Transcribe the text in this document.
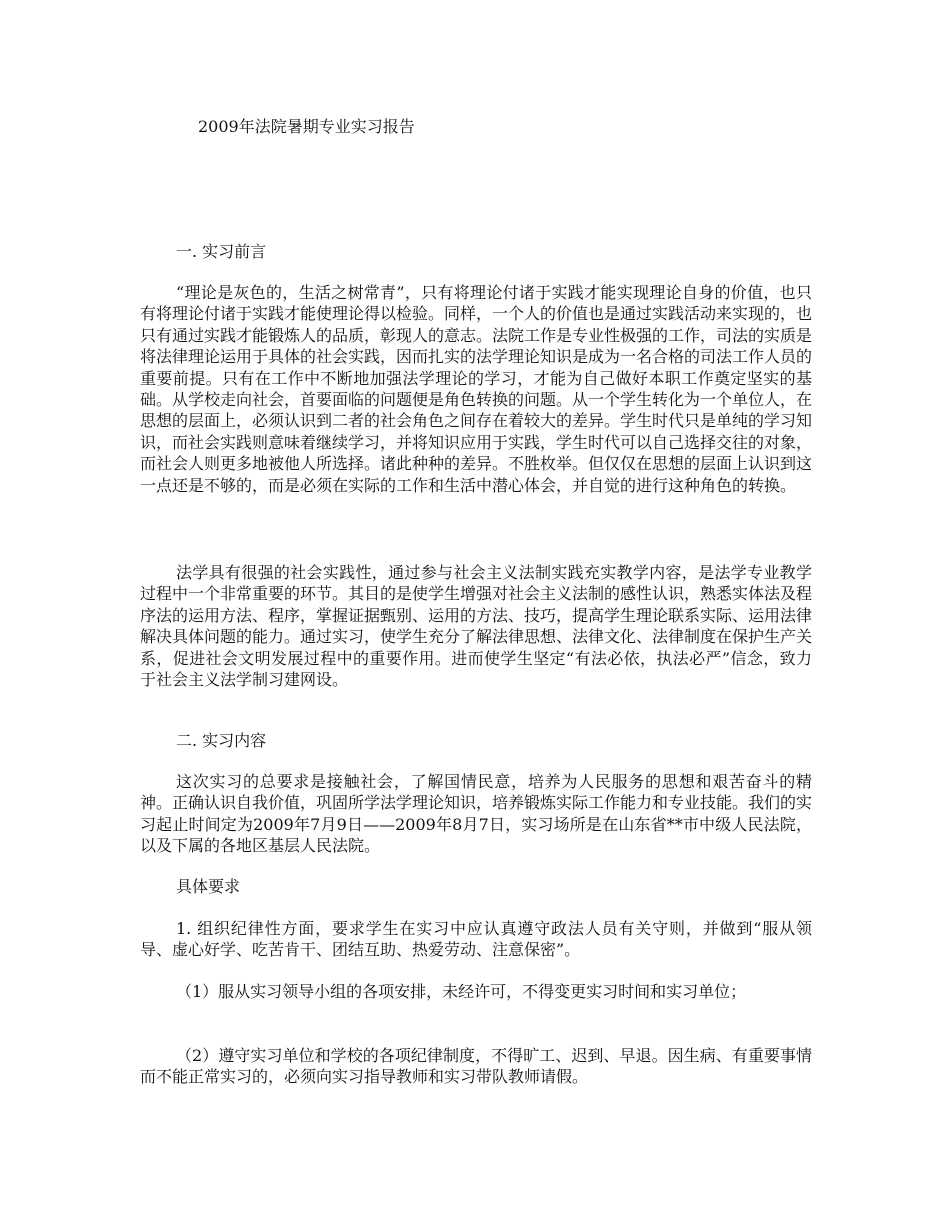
2009年法院暑期专业实习报告
一. 实习前言

“理论是灰色的，生活之树常青”，只有将理论付诸于实践才能实现理论自身的价值，也只有将理论付诸于实践才能使理论得以检验。同样，一个人的价值也是通过实践活动来实现的，也只有通过实践才能锻炼人的品质，彰现人的意志。法院工作是专业性极强的工作，司法的实质是将法律理论运用于具体的社会实践，因而扎实的法学理论知识是成为一名合格的司法工作人员的重要前提。只有在工作中不断地加强法学理论的学习，才能为自己做好本职工作奠定坚实的基础。从学校走向社会，首要面临的问题便是角色转换的问题。从一个学生转化为一个单位人，在思想的层面上，必须认识到二者的社会角色之间存在着较大的差异。学生时代只是单纯的学习知识，而社会实践则意味着继续学习，并将知识应用于实践，学生时代可以自己选择交往的对象，而社会人则更多地被他人所选择。诸此种种的差异。不胜枚举。但仅仅在思想的层面上认识到这一点还是不够的，而是必须在实际的工作和生活中潜心体会，并自觉的进行这种角色的转换。

法学具有很强的社会实践性，通过参与社会主义法制实践充实教学内容，是法学专业教学过程中一个非常重要的环节。其目的是使学生增强对社会主义法制的感性认识，熟悉实体法及程序法的运用方法、程序，掌握证据甄别、运用的方法、技巧，提高学生理论联系实际、运用法律解决具体问题的能力。通过实习，使学生充分了解法律思想、法律文化、法律制度在保护生产关系，促进社会文明发展过程中的重要作用。进而使学生坚定“有法必依，执法必严”信念，致力于社会主义法学制习建网设。

二. 实习内容

这次实习的总要求是接触社会，了解国情民意，培养为人民服务的思想和艰苦奋斗的精神。正确认识自我价值，巩固所学法学理论知识，培养锻炼实际工作能力和专业技能。我们的实习起止时间定为2009年7月9日——2009年8月7日，实习场所是在山东省**市中级人民法院，以及下属的各地区基层人民法院。

具体要求

1. 组织纪律性方面，要求学生在实习中应认真遵守政法人员有关守则，并做到“服从领导、虚心好学、吃苦肯干、团结互助、热爱劳动、注意保密”。

（1）服从实习领导小组的各项安排，未经许可，不得变更实习时间和实习单位；

（2）遵守实习单位和学校的各项纪律制度，不得旷工、迟到、早退。因生病、有重要事情而不能正常实习的，必须向实习指导教师和实习带队教师请假。
